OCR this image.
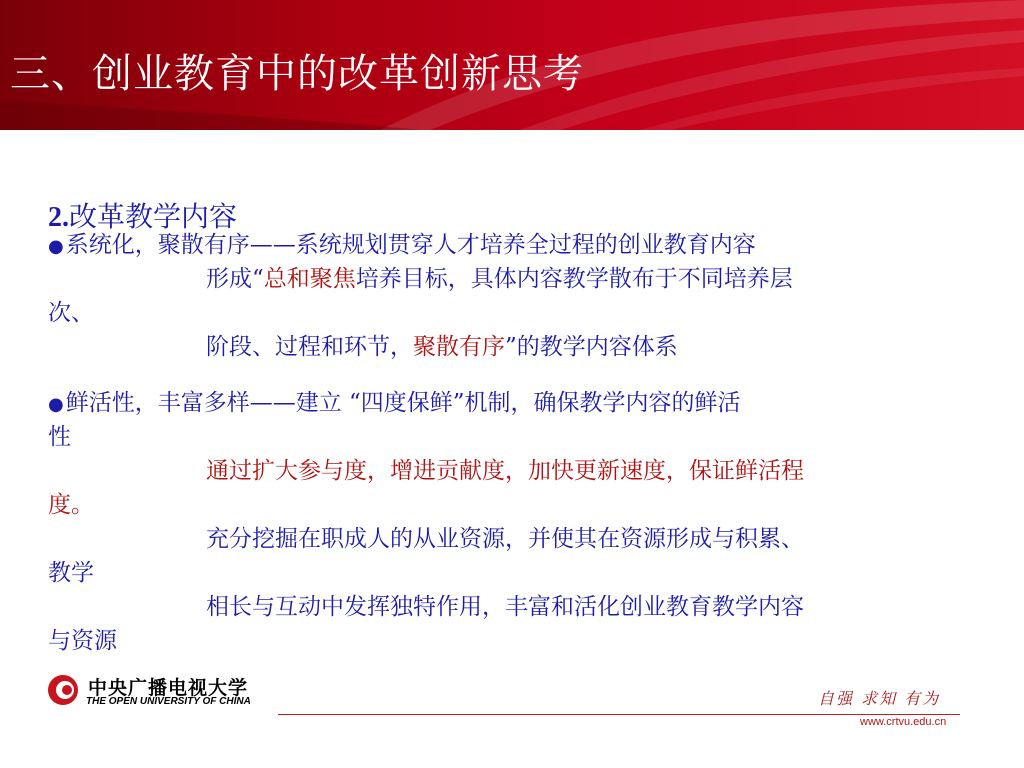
三、创业教育中的改革创新思考
2.改革教学内容
●系统化，聚散有序——系统规划贯穿人才培养全过程的创业教育内容
形成“总和聚焦培养目标，具体内容教学散布于不同培养层
次、
阶段、过程和环节，聚散有序”的教学内容体系
●鲜活性，丰富多样——建立 “四度保鲜”机制，确保教学内容的鲜活
性
通过扩大参与度，增进贡献度，加快更新速度，保证鲜活程
度。
充分挖掘在职成人的从业资源，并使其在资源形成与积累、
教学
相长与互动中发挥独特作用，丰富和活化创业教育教学内容
与资源
中央广播电视大学
THE OPEN UNIVERSITY OF CHINA	自强 求知 有为
www.crtvu.edu.cn
